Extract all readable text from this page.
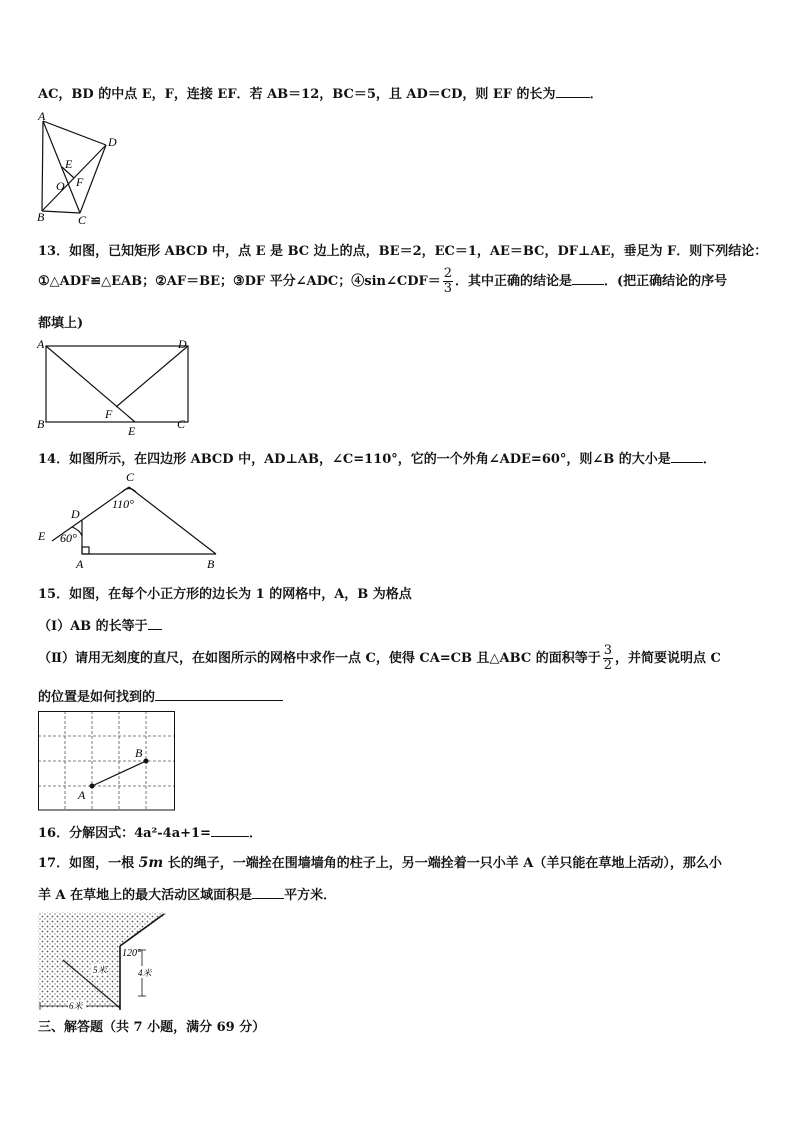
AC，BD 的中点 E，F，连接 EF．若 AB＝12，BC＝5，且 AD＝CD，则 EF 的长为	．
A
D
E
O F
B	C
13．如图，已知矩形 ABCD 中，点 E 是 BC 边上的点，BE＝2，EC＝1，AE＝BC，DF⊥AE，垂足为 F．则下列结论：
①△ADF≌△EAB；②AF＝BE；③DF 平分∠ADC；④sin∠CDF＝ $\frac{2}{3}$ ．其中正确的结论是 ．(把正确结论的序号
都填上)
A	D
B
F
E	C
14．如图所示，在四边形 ABCD 中，AD⊥AB，∠C=110°，它的一个外角∠ADE=60°，则∠B 的大小是 ．
C
110°
D
E 60°
A	B
15．如图，在每个小正方形的边长为 1 的网格中，A，B 为格点
（Ⅰ）AB 的长等于
（Ⅱ）请用无刻度的直尺，在如图所示的网格中求作一点 C，使得 CA=CB 且△ABC 的面积等于 $\frac{3}{2}$ ，并简要说明点 C
的位置是如何找到的
A
B
16．分解因式：4a²-4a+1=	．
17．如图，一根 5m 长的绳子，一端拴在围墙墙角的柱子上，另一端拴着一只小羊 A（羊只能在草地上活动），那么小
羊 A 在草地上的最大活动区域面积是 平方米．
5米
120°
4米
6米
三、解答题（共 7 小题，满分 69 分）
